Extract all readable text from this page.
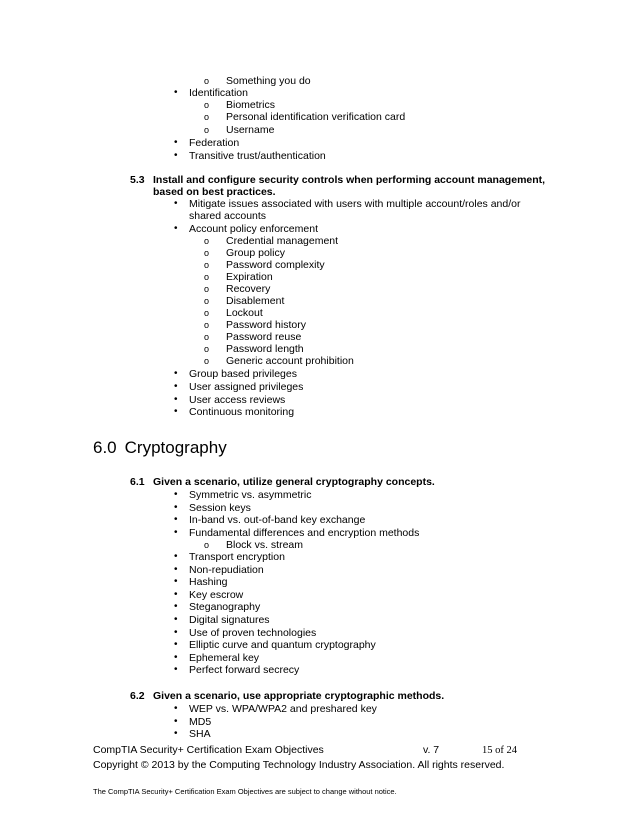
o Something you do
• Identification
o Biometrics
o Personal identification verification card
o Username
• Federation
• Transitive trust/authentication
5.3 Install and configure security controls when performing account management,
based on best practices.
• Mitigate issues associated with users with multiple account/roles and/or
shared accounts
• Account policy enforcement
o Credential management
o Group policy
o Password complexity
o Expiration
o Recovery
o Disablement
o Lockout
o Password history
o Password reuse
o Password length
o Generic account prohibition
• Group based privileges
• User assigned privileges
• User access reviews
• Continuous monitoring
6.0 Cryptography
6.1 Given a scenario, utilize general cryptography concepts.
• Symmetric vs. asymmetric
• Session keys
• In-band vs. out-of-band key exchange
• Fundamental differences and encryption methods
o Block vs. stream
• Transport encryption
• Non-repudiation
• Hashing
• Key escrow
• Steganography
• Digital signatures
• Use of proven technologies
• Elliptic curve and quantum cryptography
• Ephemeral key
• Perfect forward secrecy
6.2 Given a scenario, use appropriate cryptographic methods.
• WEP vs. WPA/WPA2 and preshared key
• MD5
• SHA
CompTIA Security+ Certification Exam Objectives	v. 7	15 of 24
Copyright © 2013 by the Computing Technology Industry Association. All rights reserved.
The CompTIA Security+ Certification Exam Objectives are subject to change without notice.
